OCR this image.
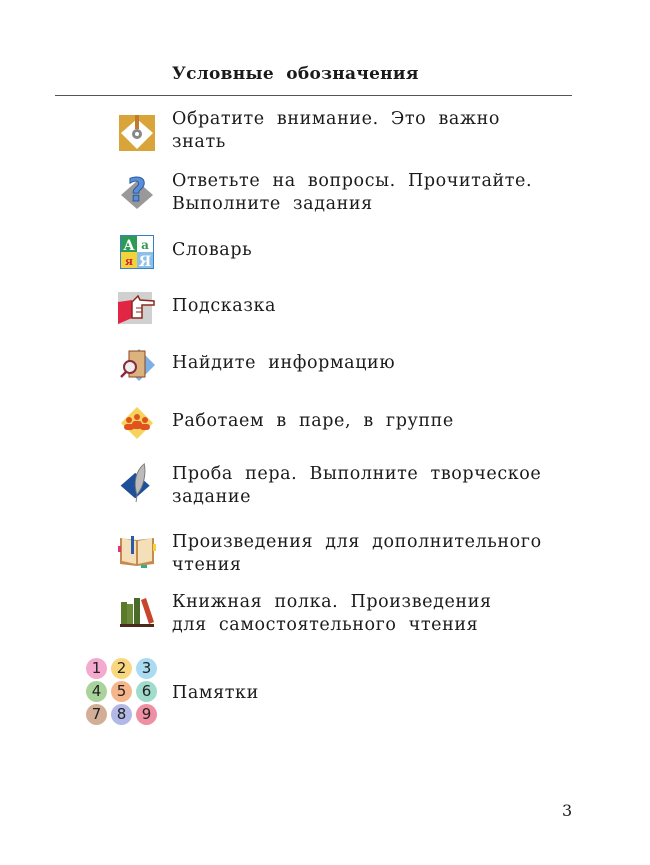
Условные обозначения
?
А а
я Я
1	2	3
4	5	6
7	8	9
Обратите внимание. Это важно
знать
Ответьте на вопросы. Прочитайте.
Выполните задания
Словарь
Подсказка
Найдите информацию
Работаем в паре, в группе
Проба пера. Выполните творческое
задание
Произведения для дополнительного
чтения
Книжная полка. Произведения
для самостоятельного чтения
Памятки
3
